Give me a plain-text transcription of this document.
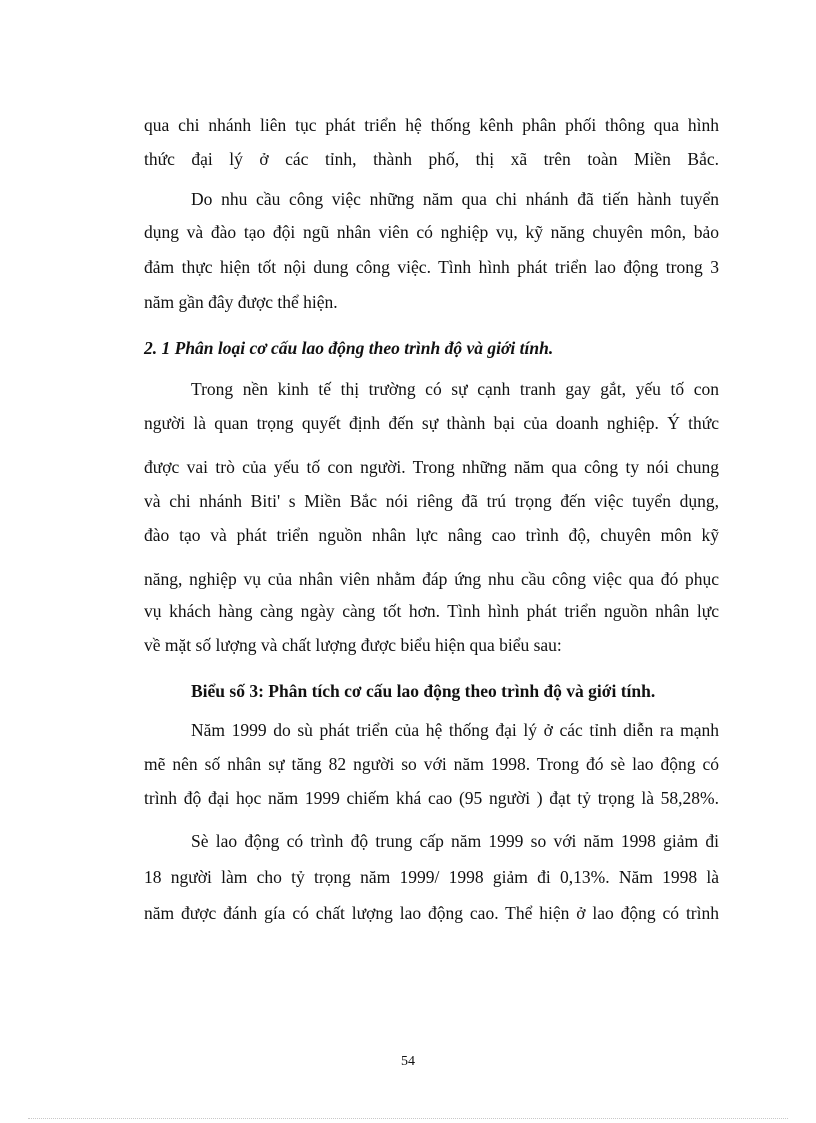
qua chi nhánh liên tục phát triển hệ thống kênh phân phối thông qua hình
thức đại lý ở các tỉnh, thành phố, thị xã trên toàn Miền Bắc.
Do nhu cầu công việc những năm qua chi nhánh đã tiến hành tuyển
dụng và đào tạo đội ngũ nhân viên có nghiệp vụ, kỹ năng chuyên môn, bảo
đảm thực hiện tốt nội dung công việc. Tình hình phát triển lao động trong 3
năm gần đây được thể hiện.
2. 1 Phân loại cơ cấu lao động theo trình độ và giới tính.
Trong nền kinh tế thị trường có sự cạnh tranh gay gắt, yếu tố con
người là quan trọng quyết định đến sự thành bại của doanh nghiệp. Ý thức
được vai trò của yếu tố con người. Trong những năm qua công ty nói chung
và chi nhánh Biti' s Miền Bắc nói riêng đã trú trọng đến việc tuyển dụng,
đào tạo và phát triển nguồn nhân lực nâng cao trình độ, chuyên môn kỹ
năng, nghiệp vụ của nhân viên nhằm đáp ứng nhu cầu công việc qua đó phục
vụ khách hàng càng ngày càng tốt hơn. Tình hình phát triển nguồn nhân lực
về mặt số lượng và chất lượng được biểu hiện qua biểu sau:
Biểu số 3: Phân tích cơ cấu lao động theo trình độ và giới tính.
Năm 1999 do sù phát triển của hệ thống đại lý ở các tỉnh diễn ra mạnh
mẽ nên số nhân sự tăng 82 người so với năm 1998. Trong đó sè lao động có
trình độ đại học năm 1999 chiếm khá cao (95 người ) đạt tỷ trọng là 58,28%.
Sè lao động có trình độ trung cấp năm 1999 so với năm 1998 giảm đi
18 người làm cho tỷ trọng năm 1999/ 1998 giảm đi 0,13%. Năm 1998 là
năm được đánh gía có chất lượng lao động cao. Thể hiện ở lao động có trình
54
